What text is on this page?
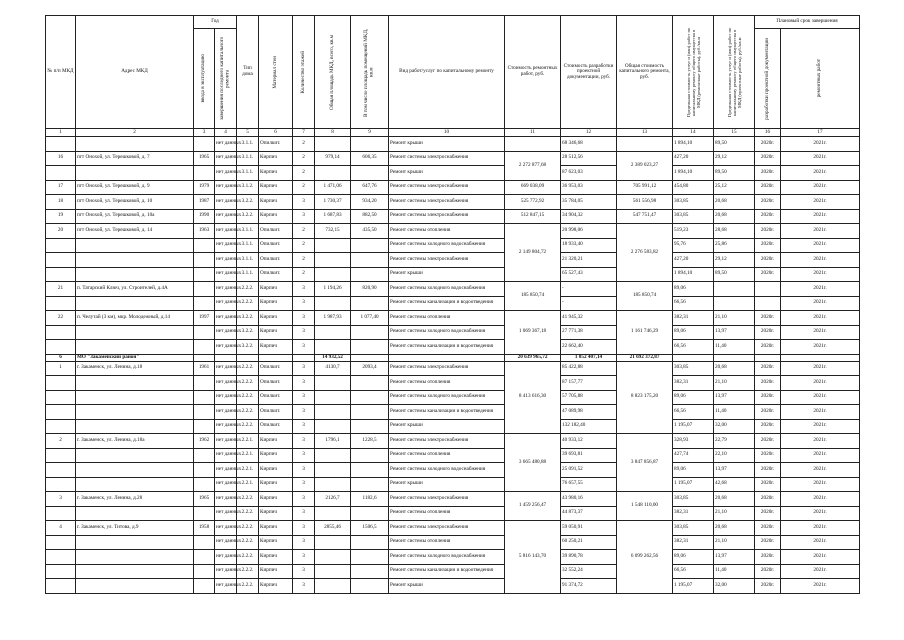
№ п/п МКД	Адрес МКД	Год		Тип дома	Материал стен	Количество этажей	Общая площадь МКД, всего, кв.м	В том числе площадь помещений МКД, кв.м	Вид работ/услуг по капитальному ремонту	Стоимость ремонтных работ, руб.	Стоимость разработки проектной документации, руб.	Общая стоимость капитального ремонта, руб.	Предельная стоимость услуг и (или) работ по капитальному ремонту общего имущества в МКД (ремонтные работы), руб./кв.м	Предельная стоимость услуг и (или) работ по капитальному ремонту общего имущества в МКД (проектные работы), руб./кв.м	Плановый срок завершения	

		ввода в эксплуатацию	завершения последнего капитального ремонта												разработки проектной документации	ремонтных работ

1	2	3	4	5	6	7	8	9	10	11	12	13	14	15	16	17
			нет данных	3.1.1.	Опилкит.	2			Ремонт крыши		68 346,68		1 894,10	89,50	2020г.	2021г.
16	пгт Онохой, ул. Терешковой, д. 7	1965	нет данных	3.1.1.	Кирпич	2	979,14	606,35	Ремонт системы электроснабжения	2 272 877,68	28 512,56	2 389 023,27	427,20	29,12	2020г.	2021г.
			нет данных	3.1.1.	Кирпич	2			Ремонт крыши		87 623,03		1 894,10	89,50	2020г.	2021г.
17	пгт Онохой, ул. Терешковой, д. 9	1979	нет данных	3.1.2.	Кирпич	2	1 471,06	647,76	Ремонт системы электроснабжения	669 038,09	36 953,03	705 991,12	454,80	25,12	2020г.	2021г.
18	пгт Онохой, ул. Терешковой, д. 10	1987	нет данных	3.2.2.	Кирпич	3	1 730,37	934,20	Ремонт системы электроснабжения	525 772,92	35 784,05	561 556,98	303,85	20,68	2020г.	2021г.
19	пгт Онохой, ул. Терешковой, д. 10а	1990	нет данных	3.2.2.	Кирпич	3	1 687,83	882,50	Ремонт системы электроснабжения	512 847,15	34 904,32	547 751,47	303,85	20,68	2020г.	2021г.
20	пгт Онохой, ул. Терешковой, д. 14	1963	нет данных	3.1.1.	Опилкит.	2	732,15	435,50	Ремонт системы отопления	2 149 804,72	20 998,06	2 276 583,82	519,23	28,68	2020г.	2021г.
			нет данных	3.1.1.	Опилкит.	2			Ремонт системы холодного водоснабжения		18 933,40		95,76	25,86	2020г.	2021г.
			нет данных	3.1.1.	Опилкит.	2			Ремонт системы электроснабжения		21 320,21		427,20	29,12	2020г.	2021г.
			нет данных	3.1.1.	Опилкит.	2			Ремонт крыши		65 527,43		1 894,10	89,50	2020г.	2021г.
21	п. Татарский Ключ, ул. Строителей, д.4А		нет данных	2.2.2.	Кирпич	3	1 194,26	820,90	Ремонт системы холодного водоснабжения	185 850,74	-	185 850,74	89,06			2021г.
			нет данных	2.2.2.	Кирпич	3			Ремонт системы канализации и водоотведения		-		66,56			2021г.
22	п. Челутай (3 км), мкр. Молодежный, д.14	1997	нет данных	3.2.2.	Кирпич	3	1 987,93	1 077,40	Ремонт системы отопления	1 069 367,18	41 945,32	1 161 746,29	382,31	21,10	2020г.	2021г.
			нет данных	3.2.2.	Кирпич	3			Ремонт системы холодного водоснабжения		27 771,38		89,06	13,97	2020г.	2021г.
			нет данных	3.2.2.	Кирпич	3			Ремонт системы канализации и водоотведения		22 662,40		66,56	11,40	2020г.	2021г.
6	МО "Закаменский район"						14 932,52			20 639 965,72	1 052 407,14	21 692 372,87				
1	г. Закаменск, ул. Ленина, д.18	1961	нет данных	2.2.2.	Опилкит.	3	4130,7	2093,4	Ремонт системы электроснабжения	8 413 616,30	85 422,88	8 823 175,20	303,85	20,68	2020г.	2021г.
			нет данных	2.2.2.	Опилкит.	3			Ремонт системы отопления		87 157,77		382,31	21,10	2020г.	2021г.
			нет данных	2.2.2.	Опилкит.	3			Ремонт системы холодного водоснабжения		57 705,88		89,06	13,97	2020г.	2021г.
			нет данных	2.2.2.	Опилкит.	3			Ремонт системы канализации и водоотведения		47 089,98		66,56	11,40	2020г.	2021г.
			нет данных	2.2.2.	Опилкит.	3			Ремонт крыши		132 182,40		1 195,07	32,00	2020г.	2021г.
2	г. Закаменск, ул. Ленина, д.18а	1962	нет данных	2.2.1.	Кирпич	3	1796,1	1228,5	Ремонт системы электроснабжения	3 665 480,88	40 933,12	3 847 856,87	328,93	22,79	2020г.	2021г.
			нет данных	2.2.1.	Кирпич	3			Ремонт системы отопления		39 693,81		427,74	22,10	2020г.	2021г.
			нет данных	2.2.1.	Кирпич	3			Ремонт системы холодного водоснабжения		25 091,52		89,06	13,97	2020г.	2021г.
			нет данных	2.2.1.	Кирпич	3			Ремонт крыши		76 657,55		1 195,07	42,68	2020г.	2021г.
3	г. Закаменск, ул. Ленина, д.28	1965	нет данных	2.2.2.	Кирпич	3	2126,7	1182,6	Ремонт системы электроснабжения	1 459 256,47	43 980,16	1 548 110,00	303,85	20,68	2020г.	2021г.
			нет данных	2.2.2.	Кирпич	3			Ремонт системы отопления		44 873,37		382,31	21,10	2020г.	2021г.
4	г. Закаменск, ул. Титова, д.9	1958	нет данных	2.2.2.	Кирпич	3	2855,46	1506,5	Ремонт системы электроснабжения	5 816 143,70	59 050,91	6 099 262,56	303,85	20,68	2020г.	2021г.
			нет данных	2.2.2.	Кирпич	3			Ремонт системы отопления		60 250,21		382,31	21,10	2020г.	2021г.
			нет данных	2.2.2.	Кирпич	3			Ремонт системы холодного водоснабжения		39 890,78		89,06	13,97	2020г.	2021г.
			нет данных	2.2.2.	Кирпич	3			Ремонт системы канализации и водоотведения		32 552,24		66,56	11,40	2020г.	2021г.
			нет данных	2.2.2.	Кирпич	3			Ремонт крыши		91 374,72		1 195,07	32,00	2020г.	2021г.
